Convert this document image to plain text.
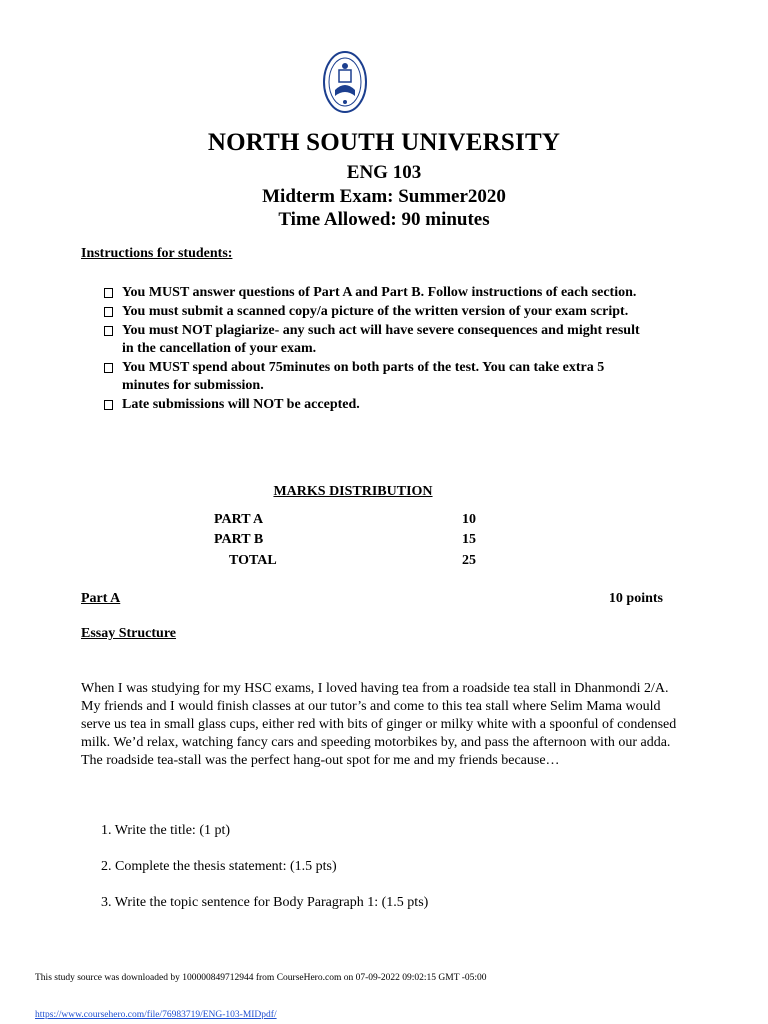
NORTH SOUTH UNIVERSITY
ENG 103
Midterm Exam: Summer2020
Time Allowed: 90 minutes
Instructions for students:
You MUST answer questions of Part A and Part B. Follow instructions of each section.
You must submit a scanned copy/a picture of the written version of your exam script.
You must NOT plagiarize- any such act will have severe consequences and might result in the cancellation of your exam.
You MUST spend about 75minutes on both parts of the test. You can take extra 5 minutes for submission.
Late submissions will NOT be accepted.
MARKS DISTRIBUTION
PART A	10
PART B	15
TOTAL	25
Part A	10 points
Essay Structure

When I was studying for my HSC exams, I loved having tea from a roadside tea stall in Dhanmondi 2/A. My friends and I would finish classes at our tutor’s and come to this tea stall where Selim Mama would serve us tea in small glass cups, either red with bits of ginger or milky white with a spoonful of condensed milk. We’d relax, watching fancy cars and speeding motorbikes by, and pass the afternoon with our adda. The roadside tea-stall was the perfect hang-out spot for me and my friends because…

1. Write the title: (1 pt)
2. Complete the thesis statement: (1.5 pts)
3. Write the topic sentence for Body Paragraph 1: (1.5 pts)
This study source was downloaded by 100000849712944 from CourseHero.com on 07-09-2022 09:02:15 GMT -05:00
https://www.coursehero.com/file/76983719/ENG-103-MIDpdf/
